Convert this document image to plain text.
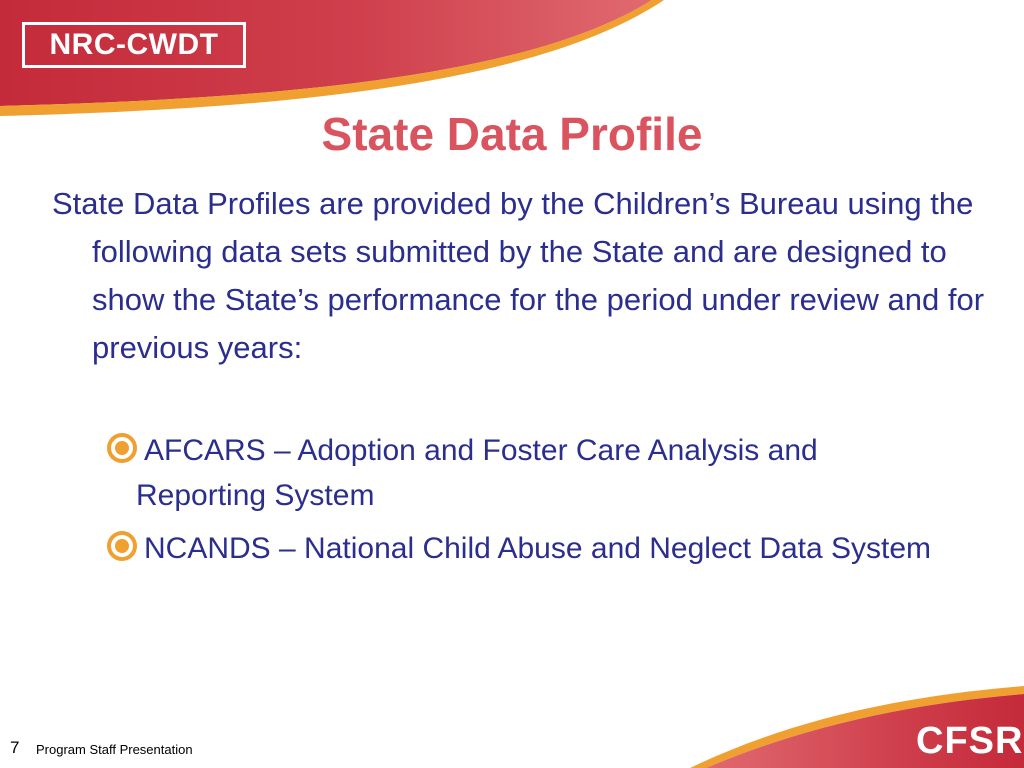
NRC-CWDT
State Data Profile

State Data Profiles are provided by the Children’s Bureau using the following data sets submitted by the State and are designed to show the State’s performance for the period under review and for previous years:

AFCARS – Adoption and Foster Care Analysis and Reporting System
NCANDS – National Child Abuse and Neglect Data System
7 Program Staff Presentation	CFSR
